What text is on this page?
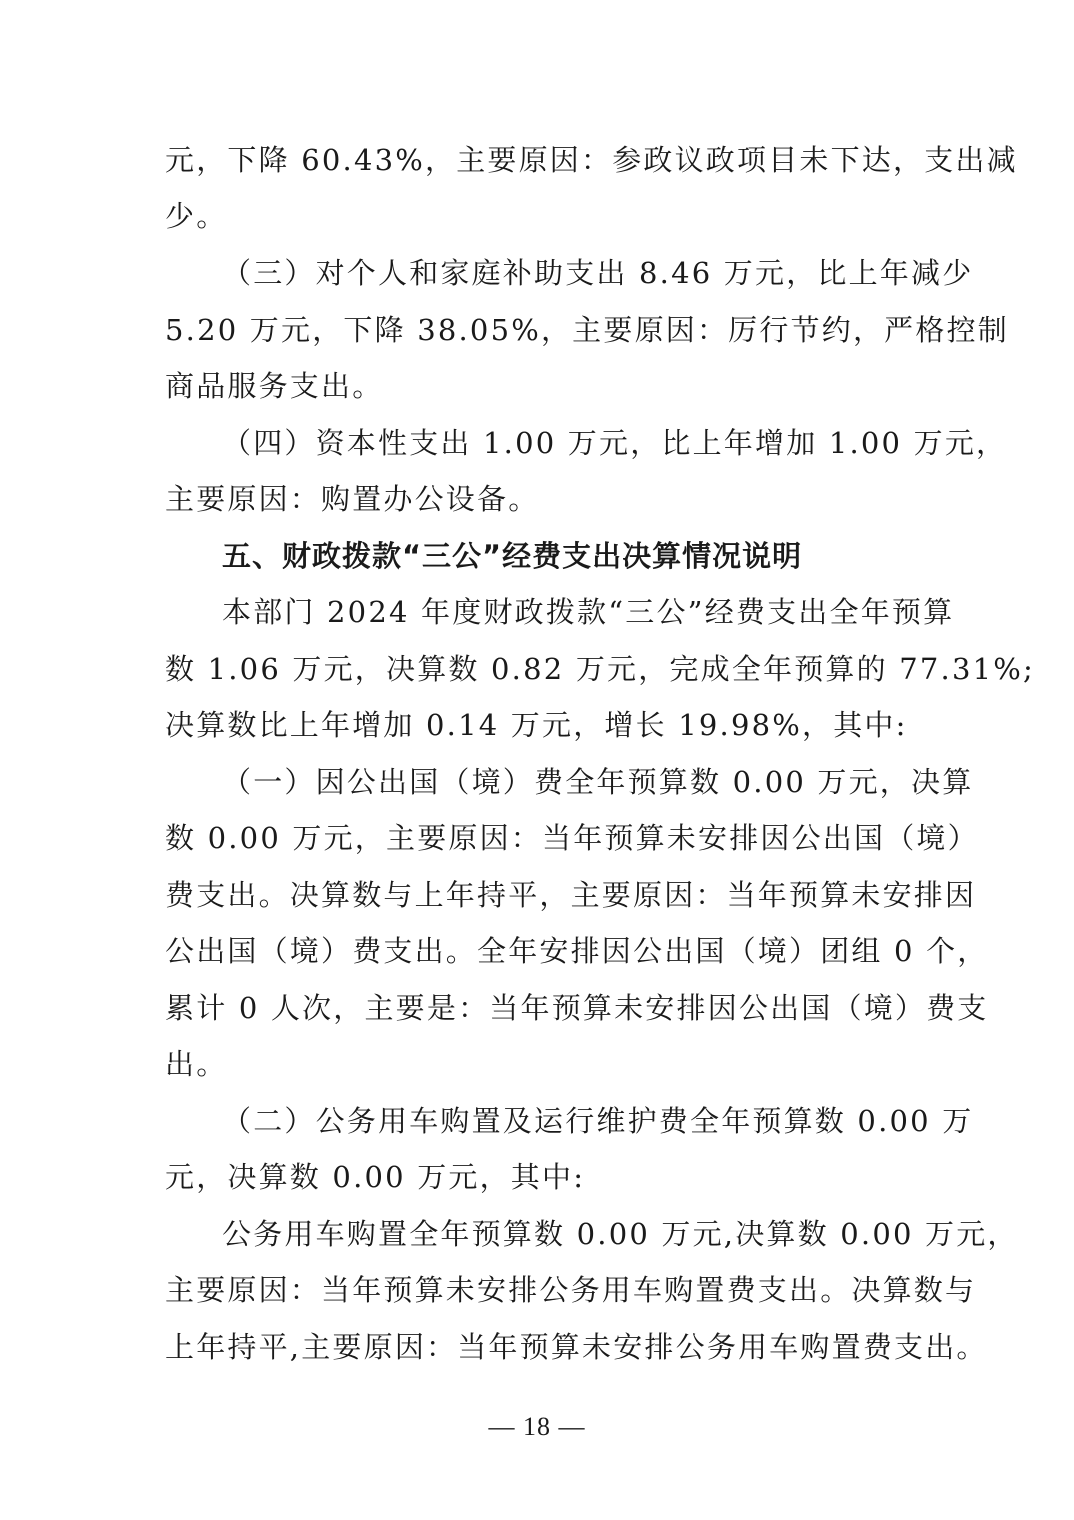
元，下降 60.43%，主要原因：参政议政项目未下达，支出减
少。
（三）对个人和家庭补助支出 8.46 万元，比上年减少
5.20 万元，下降 38.05%，主要原因：厉行节约，严格控制
商品服务支出。
（四）资本性支出 1.00 万元，比上年增加 1.00 万元，
主要原因：购置办公设备。
五、财政拨款“三公”经费支出决算情况说明
本部门 2024 年度财政拨款“三公”经费支出全年预算
数 1.06 万元，决算数 0.82 万元，完成全年预算的 77.31%;
决算数比上年增加 0.14 万元，增长 19.98%，其中:
（一）因公出国（境）费全年预算数 0.00 万元，决算
数 0.00 万元，主要原因：当年预算未安排因公出国（境）
费支出。决算数与上年持平，主要原因：当年预算未安排因
公出国（境）费支出。全年安排因公出国（境）团组 0 个，
累计 0 人次，主要是：当年预算未安排因公出国（境）费支
出。
（二）公务用车购置及运行维护费全年预算数 0.00 万
元，决算数 0.00 万元，其中:
公务用车购置全年预算数 0.00 万元,决算数 0.00 万元，
主要原因：当年预算未安排公务用车购置费支出。决算数与
上年持平,主要原因：当年预算未安排公务用车购置费支出。
— 18 —
